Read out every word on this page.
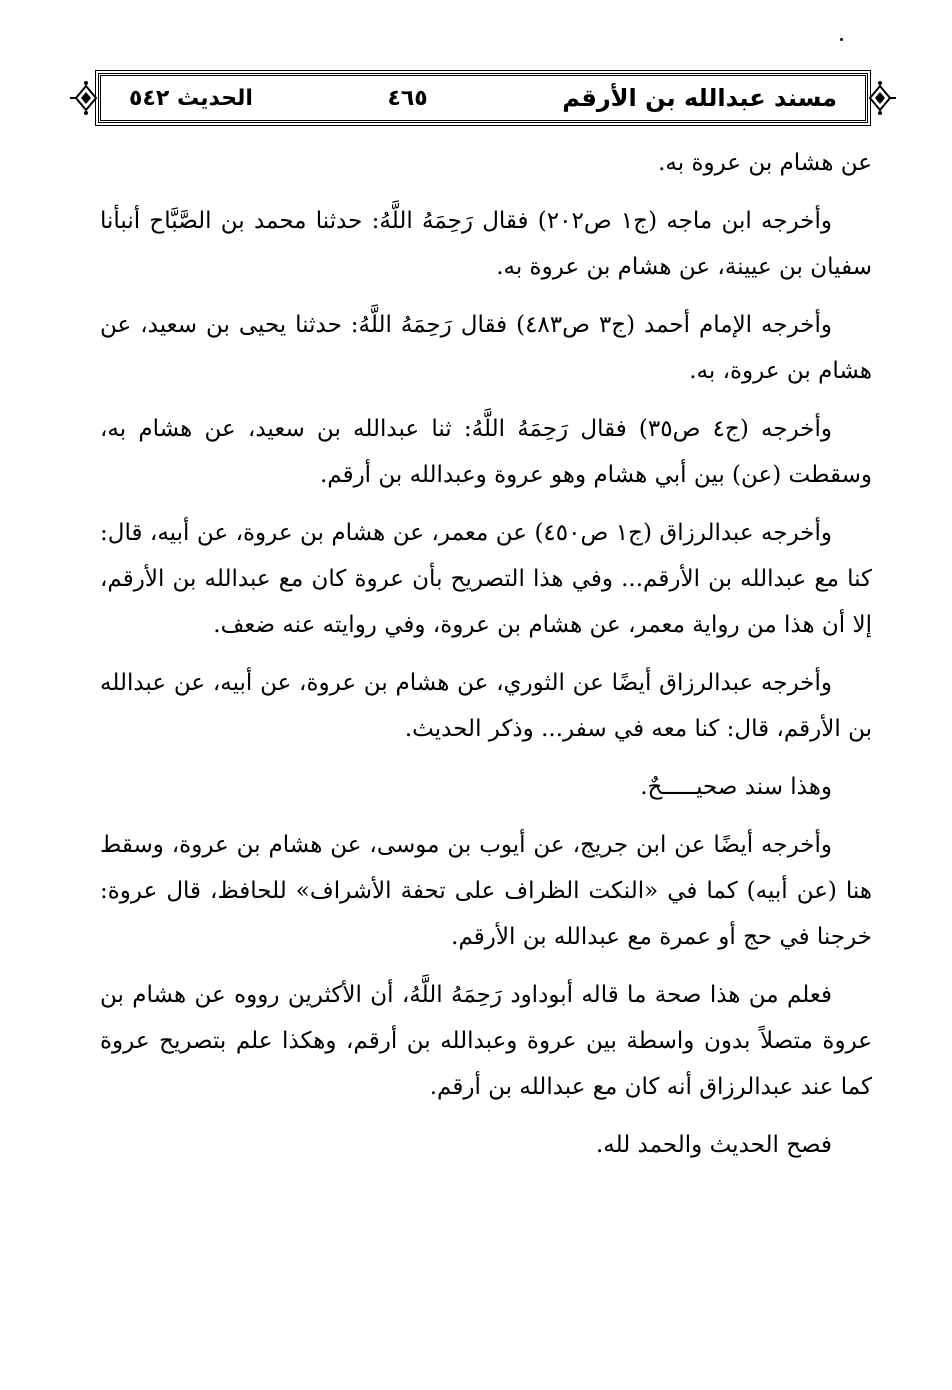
مسند عبدالله بن الأرقم
٤٦٥
الحديث ٥٤٢

عن هشام بن عروة به.

وأخرجه ابن ماجه (ج١ ص٢٠٢) فقال رَحِمَهُ اللَّهُ: حدثنا محمد بن الصَّبَّاح أنبأنا سفيان بن عيينة، عن هشام بن عروة به.

وأخرجه الإمام أحمد (ج٣ ص٤٨٣) فقال رَحِمَهُ اللَّهُ: حدثنا يحيى بن سعيد، عن هشام بن عروة، به.

وأخرجه (ج٤ ص٣٥) فقال رَحِمَهُ اللَّهُ: ثنا عبدالله بن سعيد، عن هشام به، وسقطت (عن) بين أبي هشام وهو عروة وعبدالله بن أرقم.

وأخرجه عبدالرزاق (ج١ ص٤٥٠) عن معمر، عن هشام بن عروة، عن أبيه، قال: كنا مع عبدالله بن الأرقم... وفي هذا التصريح بأن عروة كان مع عبدالله بن الأرقم، إلا أن هذا من رواية معمر، عن هشام بن عروة، وفي روايته عنه ضعف.

وأخرجه عبدالرزاق أيضًا عن الثوري، عن هشام بن عروة، عن أبيه، عن عبدالله بن الأرقم، قال: كنا معه في سفر... وذكر الحديث.

وهذا سند صحيـــــحٌ.

وأخرجه أيضًا عن ابن جريج، عن أيوب بن موسى، عن هشام بن عروة، وسقط هنا (عن أبيه) كما في «النكت الظراف على تحفة الأشراف» للحافظ، قال عروة: خرجنا في حج أو عمرة مع عبدالله بن الأرقم.

فعلم من هذا صحة ما قاله أبوداود رَحِمَهُ اللَّهُ، أن الأكثرين رووه عن هشام بن عروة متصلاً بدون واسطة بين عروة وعبدالله بن أرقم، وهكذا علم بتصريح عروة كما عند عبدالرزاق أنه كان مع عبدالله بن أرقم.

فصح الحديث والحمد لله.
